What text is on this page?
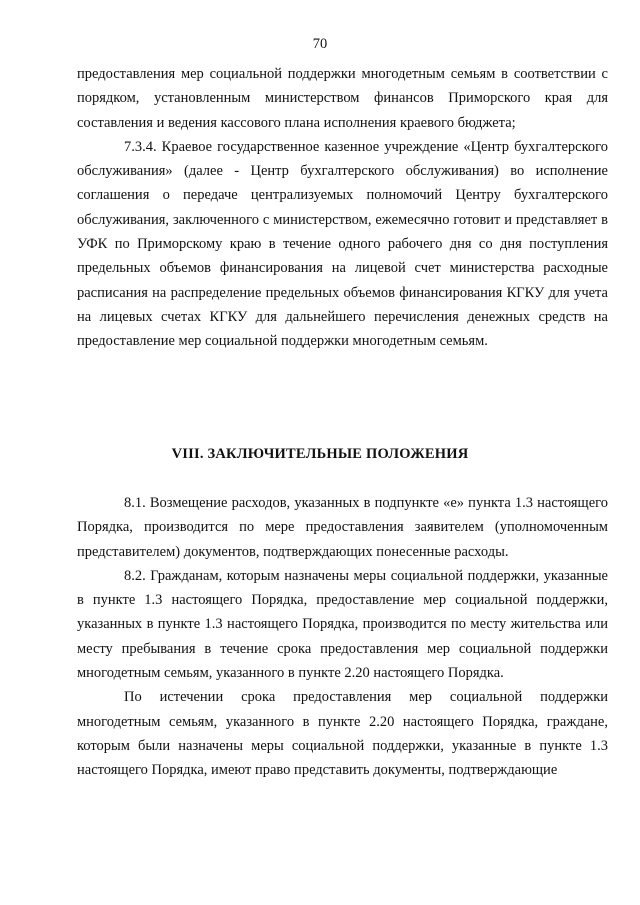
70

предоставления мер социальной поддержки многодетным семьям в соответствии с порядком, установленным министерством финансов Приморского края для составления и ведения кассового плана исполнения краевого бюджета;

7.3.4. Краевое государственное казенное учреждение «Центр бухгалтерского обслуживания» (далее - Центр бухгалтерского обслуживания) во исполнение соглашения о передаче централизуемых полномочий Центру бухгалтерского обслуживания, заключенного с министерством, ежемесячно готовит и представляет в УФК по Приморскому краю в течение одного рабочего дня со дня поступления предельных объемов финансирования на лицевой счет министерства расходные расписания на распределение предельных объемов финансирования КГКУ для учета на лицевых счетах КГКУ для дальнейшего перечисления денежных средств на предоставление мер социальной поддержки многодетным семьям.

VIII. ЗАКЛЮЧИТЕЛЬНЫЕ ПОЛОЖЕНИЯ

8.1. Возмещение расходов, указанных в подпункте «е» пункта 1.3 настоящего Порядка, производится по мере предоставления заявителем (уполномоченным представителем) документов, подтверждающих понесенные расходы.

8.2. Гражданам, которым назначены меры социальной поддержки, указанные в пункте 1.3 настоящего Порядка, предоставление мер социальной поддержки, указанных в пункте 1.3 настоящего Порядка, производится по месту жительства или месту пребывания в течение срока предоставления мер социальной поддержки многодетным семьям, указанного в пункте 2.20 настоящего Порядка.

По истечении срока предоставления мер социальной поддержки многодетным семьям, указанного в пункте 2.20 настоящего Порядка, граждане, которым были назначены меры социальной поддержки, указанные в пункте 1.3 настоящего Порядка, имеют право представить документы, подтверждающие
